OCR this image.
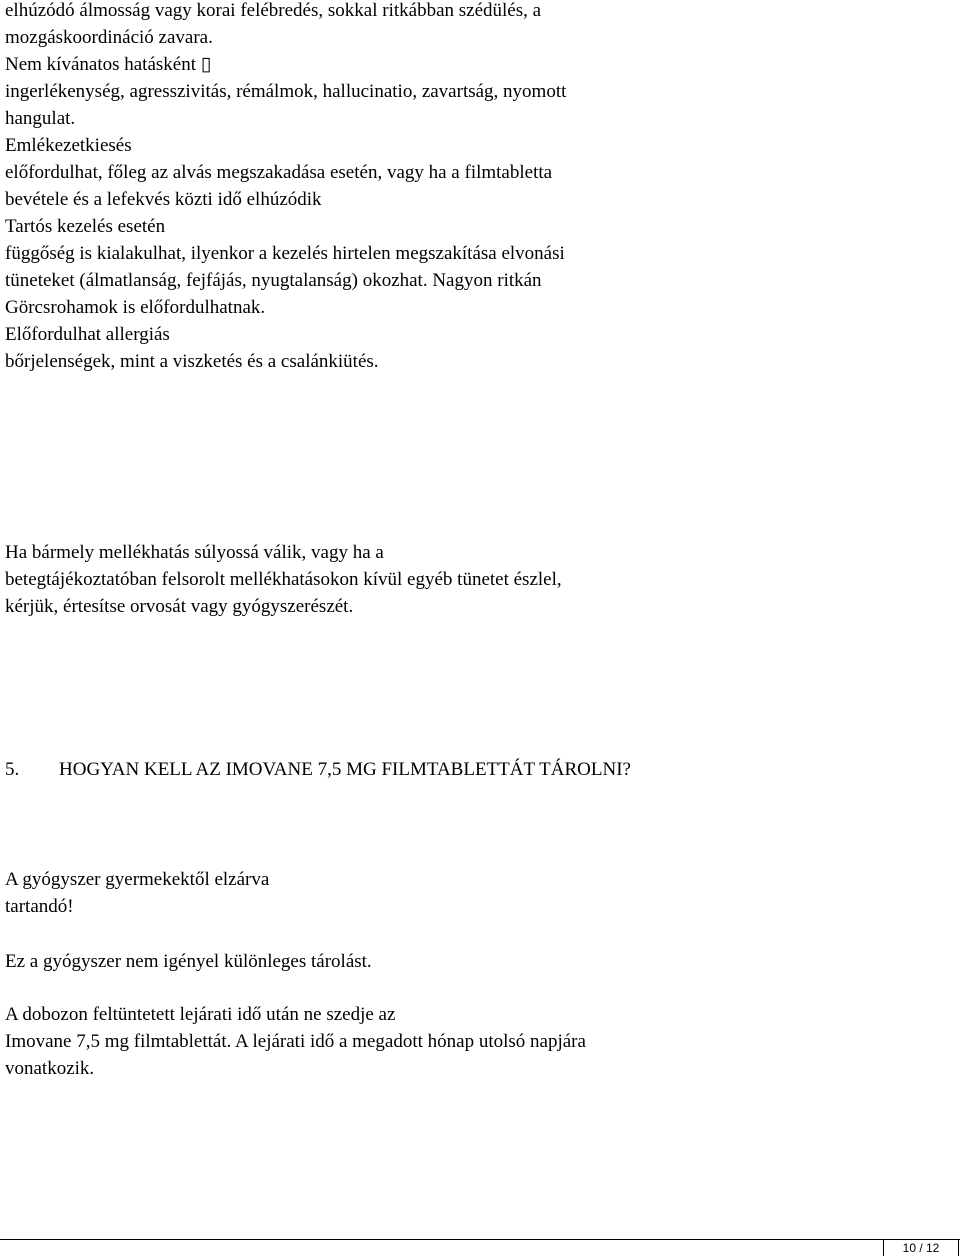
elhúzódó álmosság vagy korai felébredés, sokkal ritkábban szédülés, a
mozgáskoordináció zavara.
Nem kívánatos hatásként ▯
ingerlékenység, agresszivitás, rémálmok, hallucinatio, zavartság, nyomott
hangulat.
Emlékezetkiesés
előfordulhat, főleg az alvás megszakadása esetén, vagy ha a filmtabletta
bevétele és a lefekvés közti idő elhúzódik
Tartós kezelés esetén
függőség is kialakulhat, ilyenkor a kezelés hirtelen megszakítása elvonási
tüneteket (álmatlanság, fejfájás, nyugtalanság) okozhat. Nagyon ritkán
Görcsrohamok is előfordulhatnak.
Előfordulhat allergiás
bőrjelenségek, mint a viszketés és a csalánkiütés.
Ha bármely mellékhatás súlyossá válik, vagy ha a
betegtájékoztatóban felsorolt mellékhatásokon kívül egyéb tünetet észlel,
kérjük, értesítse orvosát vagy gyógyszerészét.
5. HOGYAN KELL AZ IMOVANE 7,5 MG FILMTABLETTÁT TÁROLNI?
A gyógyszer gyermekektől elzárva
tartandó!
Ez a gyógyszer nem igényel különleges tárolást.
A dobozon feltüntetett lejárati idő után ne szedje az
Imovane 7,5 mg filmtablettát. A lejárati idő a megadott hónap utolsó napjára
vonatkozik.
10 / 12
